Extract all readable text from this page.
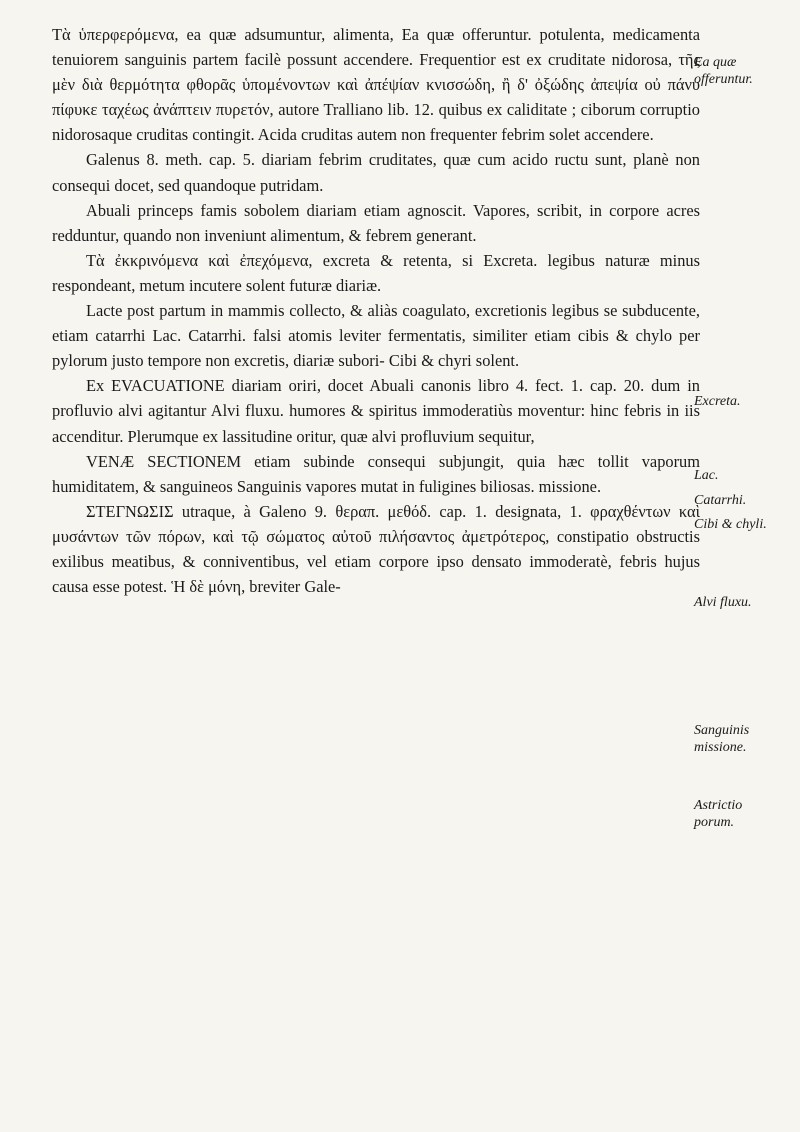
Τὰ ὑπερφερόμενα, ea quæ adsumuntur, alimenta, Ea quæ offeruntur. potulenta, medicamenta tenuiorem sanguinis partem facilè possunt accendere. Frequentior est ex cruditate nidorosa, τῆς μὲν διὰ θερμότητα φθορᾶς ὑπομένοντων καὶ ἀπέψίαν κνισσώδη, ἢ δ' ὀξώδης ἀπεψία οὐ πάνυ πίφυκε ταχέως ἀνάπτειν πυρετόν, autore Tralliano lib. 12. quibus ex caliditate ; ciborum corruptio nidorosaque cruditas contingit. Acida cruditas autem non frequenter febrim solet accendere.

Galenus 8. meth. cap. 5. diariam febrim cruditates, quæ cum acido ructu sunt, planè non consequi docet, sed quandoque putridam.

Abuali princeps famis sobolem diariam etiam agnoscit. Vapores, scribit, in corpore acres redduntur, quando non inveniunt alimentum, & febrem generant.

Τὰ ἐκκρινόμενα καὶ ἐπεχόμενα, excreta & retenta, si Excreta. legibus naturæ minus respondeant, metum incutere solent futuræ diariæ.

Lacte post partum in mammis collecto, & aliàs coagulato, excretionis legibus se subducente, etiam catarrhi Lac. Catarrhi. falsi atomis leviter fermentatis, similiter etiam cibis & chylo per pylorum justo tempore non excretis, diariæ subori- Cibi & chyri solent.

Ex EVACUATIONE diariam oriri, docet Abuali canonis libro 4. fect. 1. cap. 20. dum in profluvio alvi agitantur Alvi fluxu. humores & spiritus immoderatiùs moventur: hinc febris in iis accenditur. Plerumque ex lassitudine oritur, quæ alvi profluvium sequitur,

VENÆ SECTIONEM etiam subinde consequi subjungit, quia hæc tollit vaporum humiditatem, & sanguineos Sanguinis vapores mutat in fuligines biliosas. missione.

ΣΤΕΓΝΩΣΙΣ utraque, à Galeno 9. θεραπ. μεθόδ. cap. 1. designata, 1. φραχθέντων καὶ μυσάντων τῶν πόρων, καὶ τῷ σώματος αὐτοῦ πιλήσαντος ἀμετρότερος, constipatio obstructis exilibus meatibus, & conniventibus, vel etiam corpore ipso densato immoderatè, febris hujus causa esse potest. Ἡ δὲ μόνη, breviter Gale-

Ea quæ offeruntur.
Excreta.
Lac.
Catarrhi.
Cibi & chyli.
Alvi fluxu.
Sanguinis missione.
Astrictio porum.
